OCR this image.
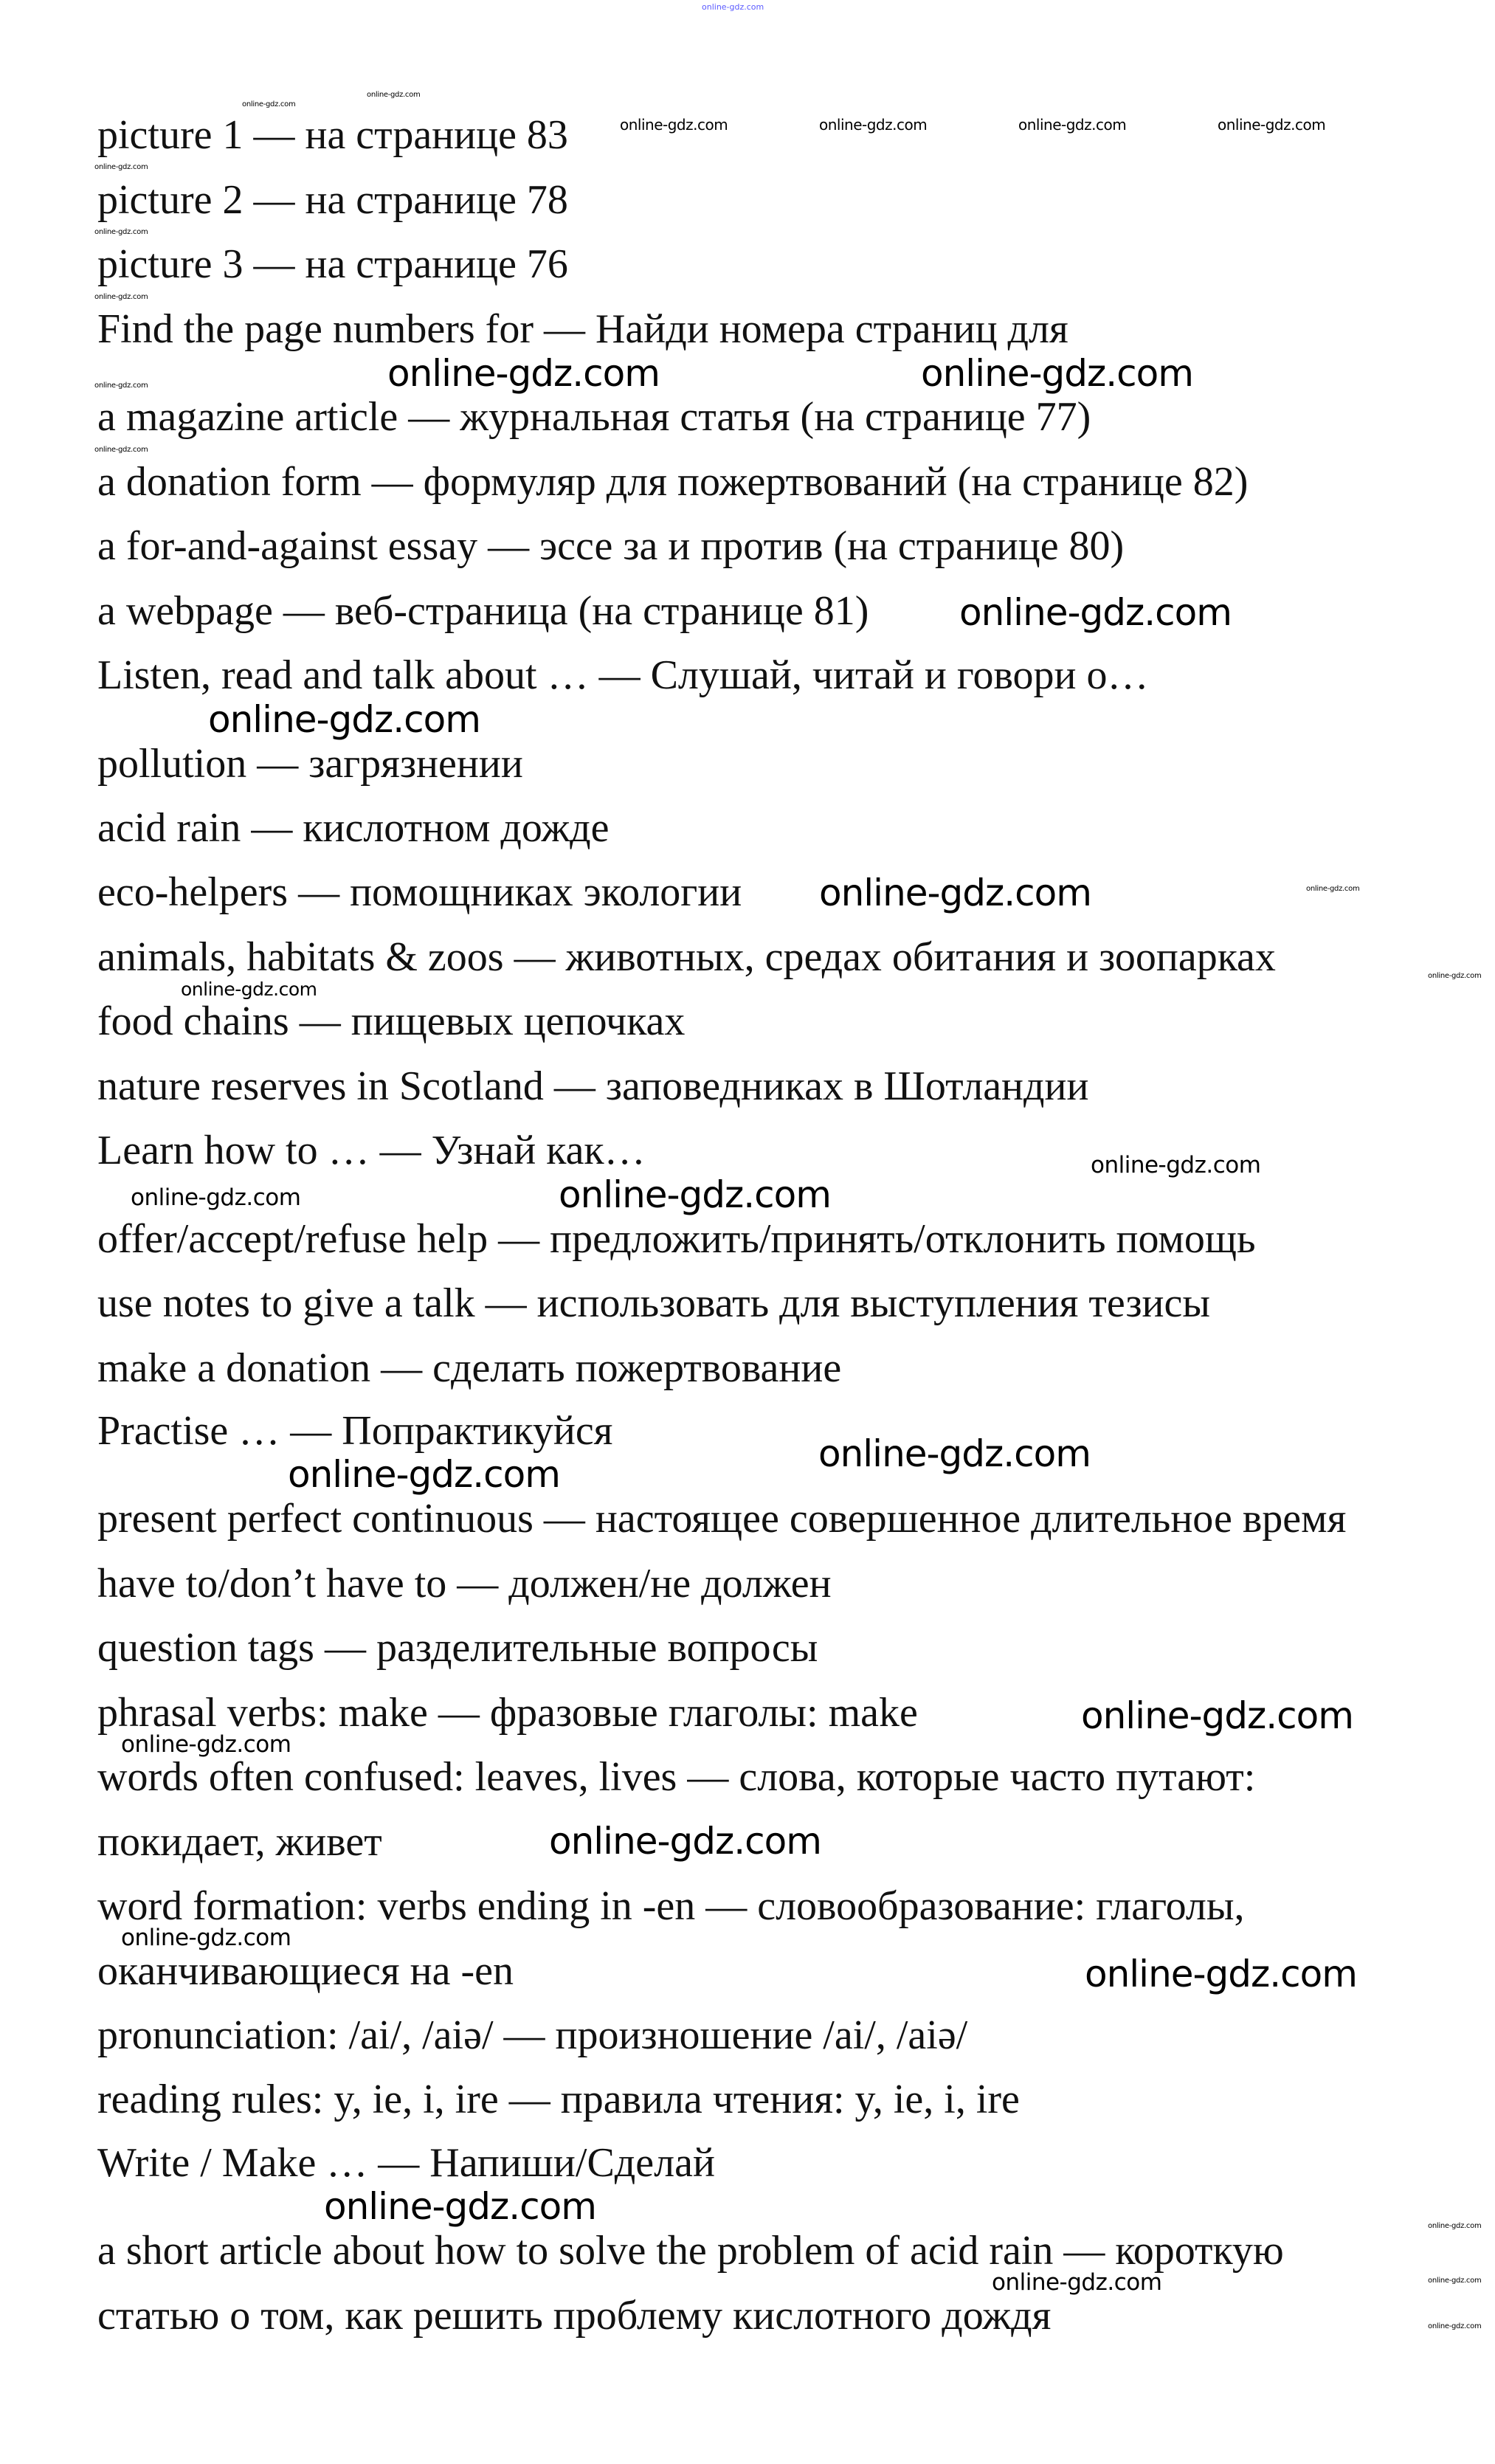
picture 1 — на странице 83
picture 2 — на странице 78
picture 3 — на странице 76
Find the page numbers for — Найди номера страниц для
a magazine article — журнальная статья (на странице 77)
a donation form — формуляр для пожертвований (на странице 82)
a for-and-against essay — эссе за и против (на странице 80)
a webpage — веб-страница (на странице 81)
Listen, read and talk about … — Слушай, читай и говори о…
pollution — загрязнении
acid rain — кислотном дожде
eco-helpers — помощниках экологии
animals, habitats & zoos — животных, средах обитания и зоопарках
food chains — пищевых цепочках
nature reserves in Scotland — заповедниках в Шотландии
Learn how to … — Узнай как…
offer/accept/refuse help — предложить/принять/отклонить помощь
use notes to give a talk — использовать для выступления тезисы
make a donation — сделать пожертвование
Practise … — Попрактикуйся
present perfect continuous — настоящее совершенное длительное время
have to/don’t have to — должен/не должен
question tags — разделительные вопросы
phrasal verbs: make — фразовые глаголы: make
words often confused: leaves, lives — слова, которые часто путают:
покидает, живет
word formation: verbs ending in -en — словообразование: глаголы,
оканчивающиеся на -en
pronunciation: /ai/, /aiə/ — произношение /ai/, /aiə/
reading rules: y, ie, i, ire — правила чтения: y, ie, i, ire
Write / Make … — Напиши/Сделай
a short article about how to solve the problem of acid rain — короткую
статью о том, как решить проблему кислотного дождя
online-gdz.com
online-gdz.com	online-gdz.com
online-gdz.com
online-gdz.com
online-gdz.com
online-gdz.com
online-gdz.com
online-gdz.com
online-gdz.com
online-gdz.com
online-gdz.com
online-gdz.com
online-gdz.com	online-gdz.com	online-gdz.com	online-gdz.com
online-gdz.com
online-gdz.com
online-gdz.com
online-gdz.com
online-gdz.com
online-gdz.com
online-gdz.com
online-gdz.com
online-gdz.com
online-gdz.com
online-gdz.com
online-gdz.com
online-gdz.com
online-gdz.com
online-gdz.com
online-gdz.com
online-gdz.com
online-gdz.com
